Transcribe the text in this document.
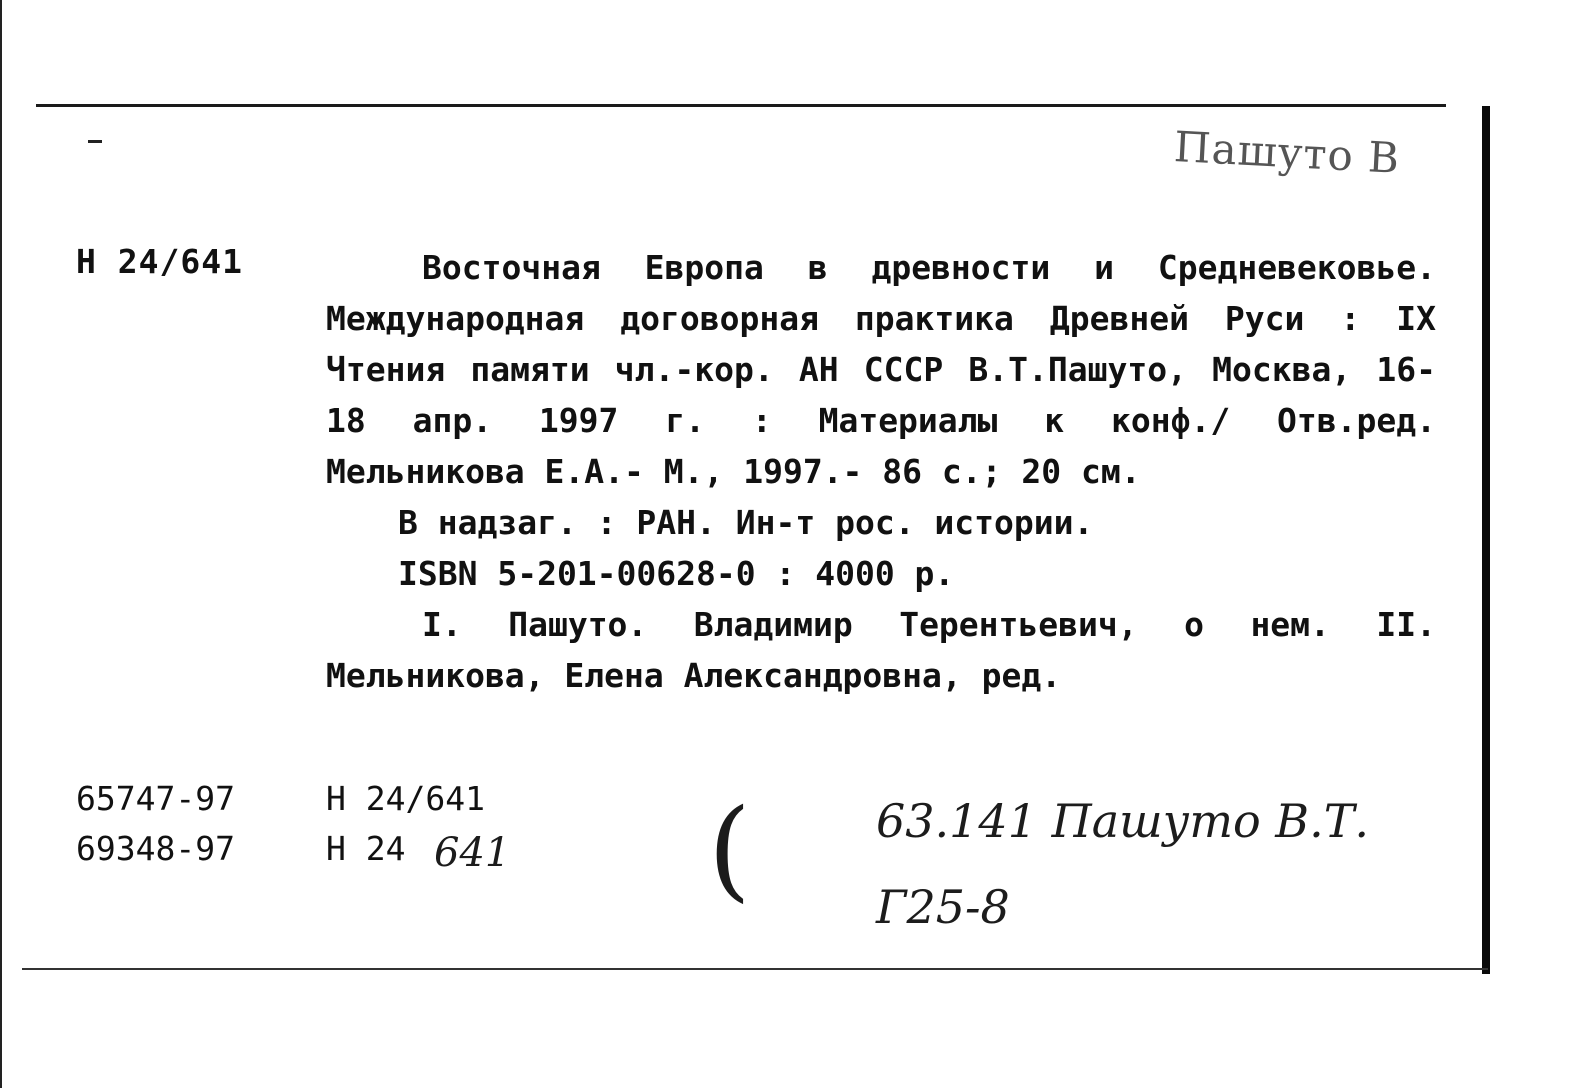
Пашуто В
Н 24/641	Восточная Европа в древности и Средневековье. Международная договорная практика Древней Руси : IX Чтения памяти чл.-кор. АН СССР В.Т.Пашуто, Москва, 16-18 апр. 1997 г. : Материалы к конф./ Отв.ред. Мельникова Е.А.- М., 1997.- 86 с.; 20 см.

В надзаг. : РАН. Ин-т рос. истории.

ISBN 5-201-00628-0 : 4000 р.

I. Пашуто. Владимир Терентьевич, о нем. II. Мельникова, Елена Александровна, ред.

65747-97
69348-97
Н 24/641
Н 24 641 (	63.141 Пашуто В.Т.
Г25-8
